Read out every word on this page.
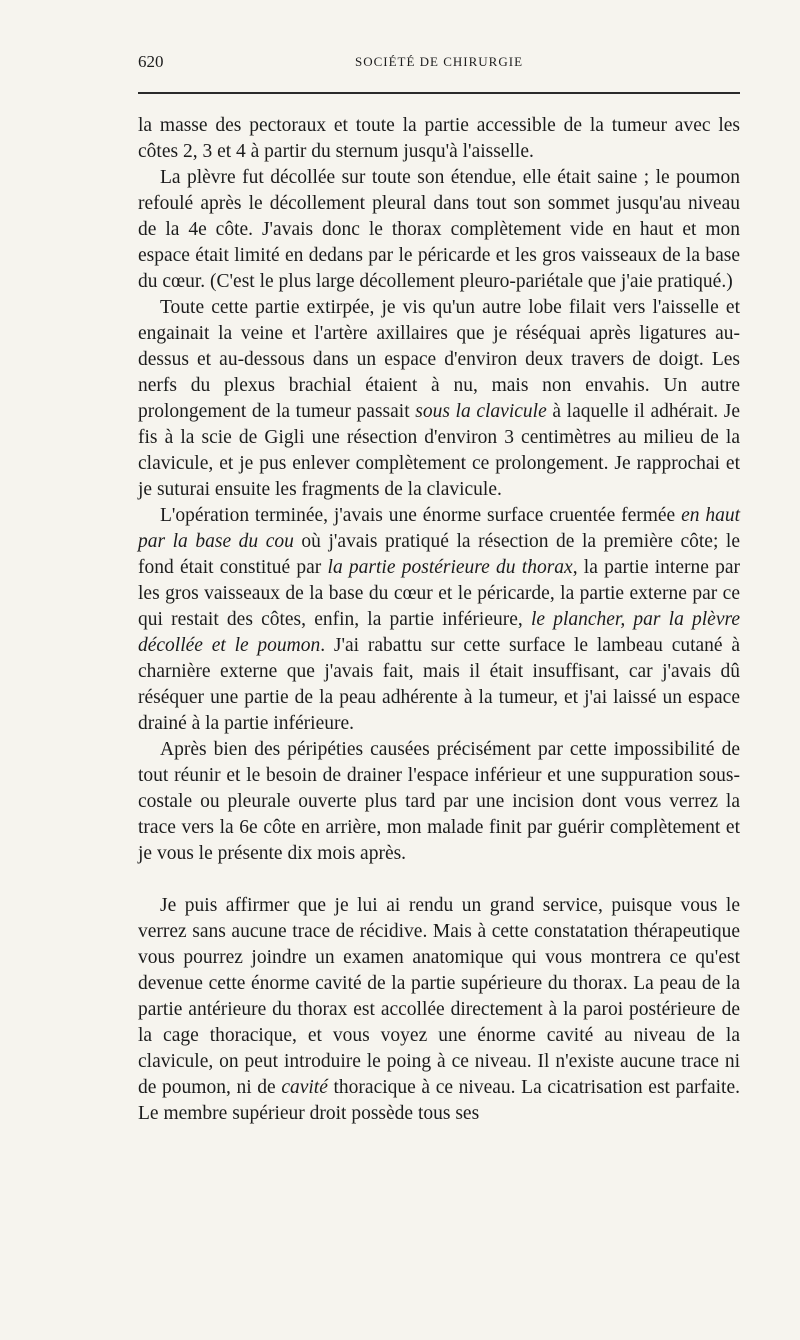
620	SOCIÉTÉ DE CHIRURGIE

la masse des pectoraux et toute la partie accessible de la tumeur avec les côtes 2, 3 et 4 à partir du sternum jusqu'à l'aisselle.

La plèvre fut décollée sur toute son étendue, elle était saine ; le poumon refoulé après le décollement pleural dans tout son sommet jusqu'au niveau de la 4e côte. J'avais donc le thorax complètement vide en haut et mon espace était limité en dedans par le péricarde et les gros vaisseaux de la base du cœur. (C'est le plus large décollement pleuro-pariétale que j'aie pratiqué.)

Toute cette partie extirpée, je vis qu'un autre lobe filait vers l'aisselle et engainait la veine et l'artère axillaires que je réséquai après ligatures au-dessus et au-dessous dans un espace d'environ deux travers de doigt. Les nerfs du plexus brachial étaient à nu, mais non envahis. Un autre prolongement de la tumeur passait sous la clavicule à laquelle il adhérait. Je fis à la scie de Gigli une résection d'environ 3 centimètres au milieu de la clavicule, et je pus enlever complètement ce prolongement. Je rapprochai et je suturai ensuite les fragments de la clavicule.

L'opération terminée, j'avais une énorme surface cruentée fermée en haut par la base du cou où j'avais pratiqué la résection de la première côte; le fond était constitué par la partie postérieure du thorax, la partie interne par les gros vaisseaux de la base du cœur et le péricarde, la partie externe par ce qui restait des côtes, enfin, la partie inférieure, le plancher, par la plèvre décollée et le poumon. J'ai rabattu sur cette surface le lambeau cutané à charnière externe que j'avais fait, mais il était insuffisant, car j'avais dû réséquer une partie de la peau adhérente à la tumeur, et j'ai laissé un espace drainé à la partie inférieure.

Après bien des péripéties causées précisément par cette impossibilité de tout réunir et le besoin de drainer l'espace inférieur et une suppuration sous-costale ou pleurale ouverte plus tard par une incision dont vous verrez la trace vers la 6e côte en arrière, mon malade finit par guérir complètement et je vous le présente dix mois après.

Je puis affirmer que je lui ai rendu un grand service, puisque vous le verrez sans aucune trace de récidive. Mais à cette constatation thérapeutique vous pourrez joindre un examen anatomique qui vous montrera ce qu'est devenue cette énorme cavité de la partie supérieure du thorax. La peau de la partie antérieure du thorax est accollée directement à la paroi postérieure de la cage thoracique, et vous voyez une énorme cavité au niveau de la clavicule, on peut introduire le poing à ce niveau. Il n'existe aucune trace ni de poumon, ni de cavité thoracique à ce niveau. La cicatrisation est parfaite. Le membre supérieur droit possède tous ses
